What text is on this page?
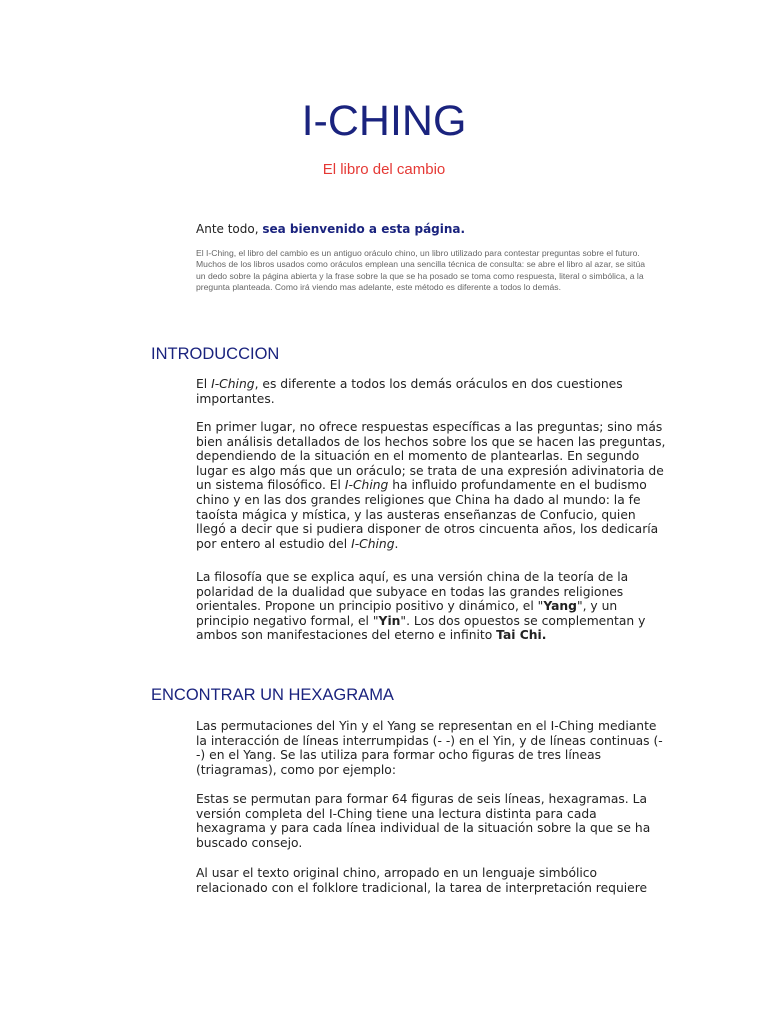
I-CHING

El libro del cambio

Ante todo, sea bienvenido a esta página.

El I-Ching, el libro del cambio es un antiguo oráculo chino, un libro utilizado para contestar preguntas sobre el futuro. Muchos de los libros usados como oráculos emplean una sencilla técnica de consulta: se abre el libro al azar, se sitúa un dedo sobre la página abierta y la frase sobre la que se ha posado se toma como respuesta, literal o simbólica, a la pregunta planteada. Como irá viendo mas adelante, este método es diferente a todos lo demás.

INTRODUCCION

El I-Ching, es diferente a todos los demás oráculos en dos cuestiones importantes.

En primer lugar, no ofrece respuestas específicas a las preguntas; sino más bien análisis detallados de los hechos sobre los que se hacen las preguntas, dependiendo de la situación en el momento de plantearlas. En segundo lugar es algo más que un oráculo; se trata de una expresión adivinatoria de un sistema filosófico. El I-Ching ha influido profundamente en el budismo chino y en las dos grandes religiones que China ha dado al mundo: la fe taoísta mágica y mística, y las austeras enseñanzas de Confucio, quien llegó a decir que si pudiera disponer de otros cincuenta años, los dedicaría por entero al estudio del I-Ching.

La filosofía que se explica aquí, es una versión china de la teoría de la polaridad de la dualidad que subyace en todas las grandes religiones orientales. Propone un principio positivo y dinámico, el "Yang", y un principio negativo formal, el "Yin". Los dos opuestos se complementan y ambos son manifestaciones del eterno e infinito Tai Chi.

ENCONTRAR UN HEXAGRAMA

Las permutaciones del Yin y el Yang se representan en el I-Ching mediante la interacción de líneas interrumpidas (- -) en el Yin, y de líneas continuas (--) en el Yang. Se las utiliza para formar ocho figuras de tres líneas (triagramas), como por ejemplo:

Estas se permutan para formar 64 figuras de seis líneas, hexagramas. La versión completa del I-Ching tiene una lectura distinta para cada hexagrama y para cada línea individual de la situación sobre la que se ha buscado consejo.

Al usar el texto original chino, arropado en un lenguaje simbólico relacionado con el folklore tradicional, la tarea de interpretación requiere
